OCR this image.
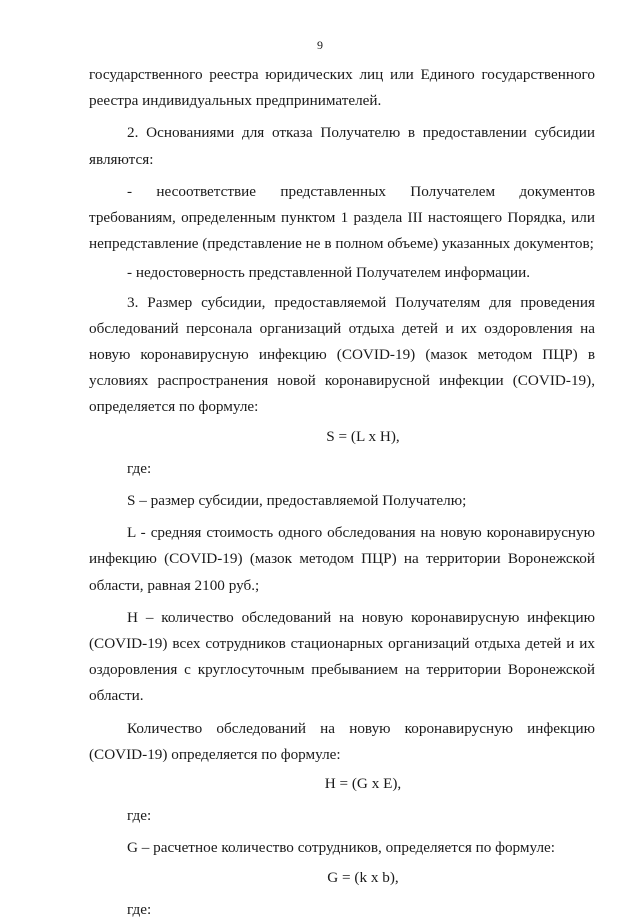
9

государственного реестра юридических лиц или Единого государственного реестра индивидуальных предпринимателей.

2. Основаниями для отказа Получателю в предоставлении субсидии являются:

- несоответствие представленных Получателем документов требованиям, определенным пунктом 1 раздела III настоящего Порядка, или непредставление (представление не в полном объеме) указанных документов;

- недостоверность представленной Получателем информации.

3. Размер субсидии, предоставляемой Получателям для проведения обследований персонала организаций отдыха детей и их оздоровления на новую коронавирусную инфекцию (COVID-19) (мазок методом ПЦР) в условиях распространения новой коронавирусной инфекции (COVID-19), определяется по формуле:

S = (L x H),

где:

S – размер субсидии, предоставляемой Получателю;

L - средняя стоимость одного обследования на новую коронавирусную инфекцию (COVID-19) (мазок методом ПЦР) на территории Воронежской области, равная 2100 руб.;

H – количество обследований на новую коронавирусную инфекцию (COVID-19) всех сотрудников стационарных организаций отдыха детей и их оздоровления с круглосуточным пребыванием на территории Воронежской области.

Количество обследований на новую коронавирусную инфекцию (COVID-19) определяется по формуле:

H = (G x E),

где:

G – расчетное количество сотрудников, определяется по формуле:

G = (k x b),

где:
